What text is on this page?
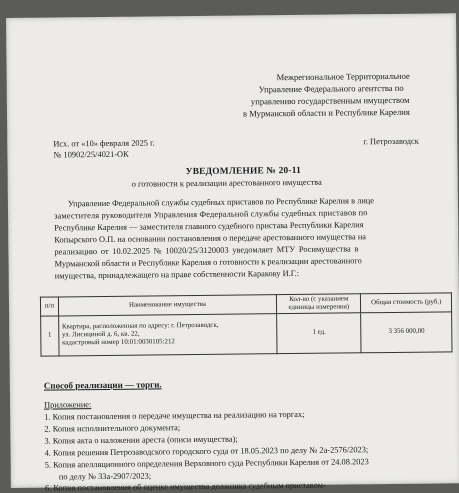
Межрегиональное Территориальное
Управление Федерального агентства по
управлению государственным имуществом
в Мурманской области и Республике Карелия
Исх. от «10» февраля 2025 г.
№ 10902/25/4021-ОК
г. Петрозаводск
УВЕДОМЛЕНИЕ № 20-11
о готовности к реализации арестованного имущества
Управление Федеральной службы судебных приставов по Республике Карелия в лице
заместителя руководителя Управления Федеральной службы судебных приставов по
Республике Карелия — заместителя главного судебного пристава Республики Карелия
Копырского О.П. на основании постановления о передаче арестованного имущества на
реализацию от 10.02.2025 № 10020/25/3120003 уведомляет МТУ Росимущества в
Мурманской области и Республике Карелия о готовности к реализации арестованного
имущества, принадлежащего на праве собственности Каракову И.Г.:
п/п	Наименование имущества	Кол-во (с указанием единицы измерения)	Общая стоимость (руб.)
1	Квартира, расположенная по адресу: г. Петрозаводск,
ул. Лисициной д. 6, кв. 22,
кадастровый номер 10:01:0030105:212	1 ед.	3 356 000,00
Способ реализации — торги.
Приложение:
1. Копия постановления о передаче имущества на реализацию на торгах;
2. Копия исполнительного документа;
3. Копия акта о наложении ареста (описи имущества);
4. Копия решения Петрозаводского городского суда от 18.05.2023 по делу № 2а-2576/2023;
5. Копия апелляционного определения Верховного суда Республики Карелия от 24.08.2023
по делу № 33а-2907/2023;
6. Копия постановления об оценке имущества должника судебным приставом-
